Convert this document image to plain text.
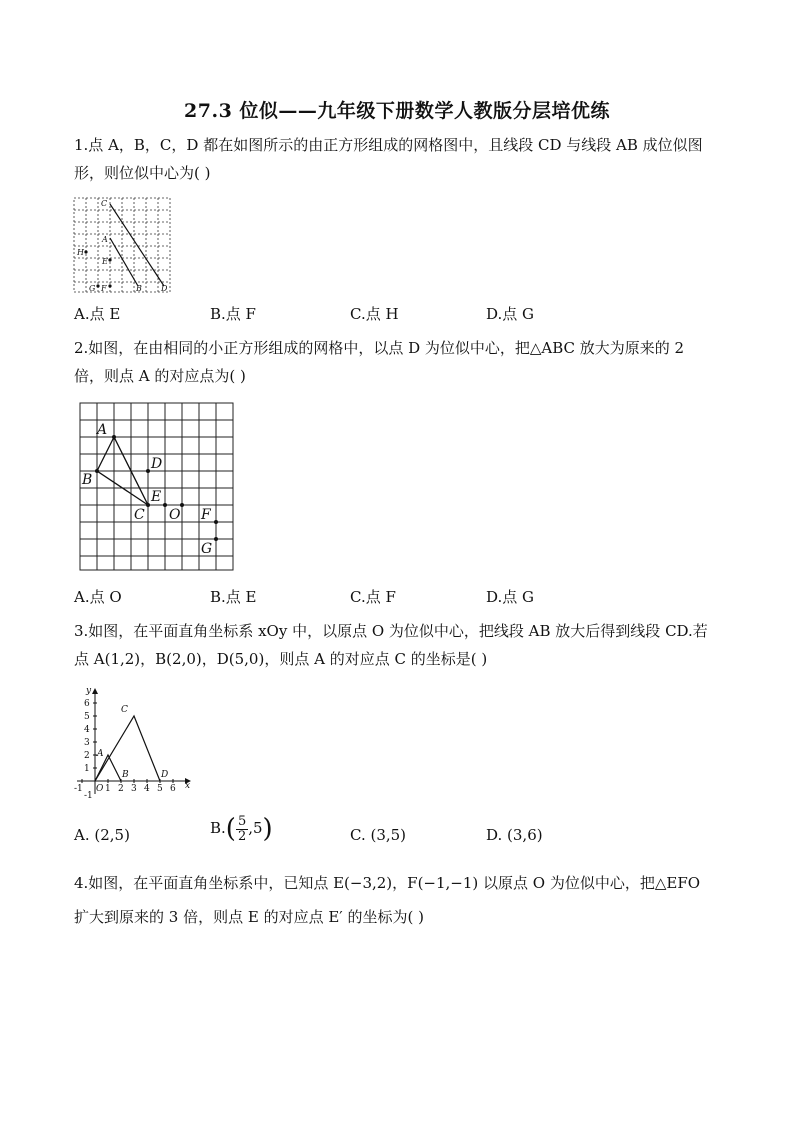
27.3 位似——九年级下册数学人教版分层培优练
1.点 A，B，C，D 都在如图所示的由正方形组成的网格图中，且线段 CD 与线段 AB 成位似图
形，则位似中心为( )
C
A
H
E
G F	B D
A.点 E	B.点 F	C.点 H	D.点 G
2.如图，在由相同的小正方形组成的网格中，以点 D 为位似中心，把△ABC 放大为原来的 2
倍，则点 A 的对应点为( )
A
B
D
E
C O F
G
A.点 O	B.点 E	C.点 F	D.点 G
3.如图，在平面直角坐标系 xOy 中，以原点 O 为位似中心，把线段 AB 放大后得到线段 CD.若
点 A(1,2)，B(2,0)，D(5,0)，则点 A 的对应点 C 的坐标是( )
y
x
O
A
B
C
D
6
5
4
3
2
1
-1
-1 1 2 3 4 5 6
A. (2,5)	$B.( \frac{5}{2} ,5)$	C. (3,5)	D. (3,6)
4.如图，在平面直角坐标系中，已知点 E(−3,2)，F(−1,−1) 以原点 O 为位似中心，把△EFO
扩大到原来的 3 倍，则点 E 的对应点 E′ 的坐标为( )
